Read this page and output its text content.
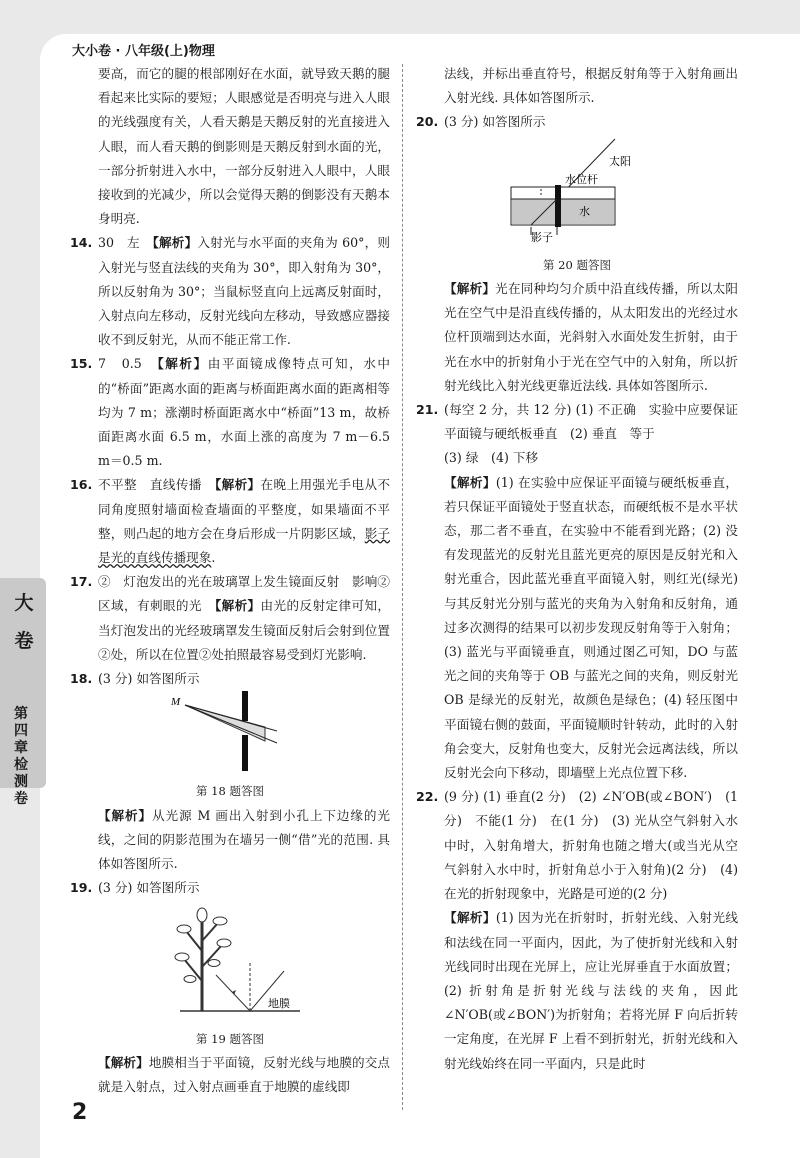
大小卷 · 八年级(上)物理
大
卷
第
四
章
检
测
卷

要高，而它的腿的根部刚好在水面，就导致天鹅的腿看起来比实际的要短；人眼感觉是否明亮与进入人眼的光线强度有关，人看天鹅是天鹅反射的光直接进入人眼，而人看天鹅的倒影则是天鹅反射到水面的光，一部分折射进入水中，一部分反射进入人眼中，人眼接收到的光减少，所以会觉得天鹅的倒影没有天鹅本身明亮.

14. 30　左　【解析】入射光与水平面的夹角为 60°，则入射光与竖直法线的夹角为 30°，即入射角为 30°，所以反射角为 30°；当鼠标竖直向上远离反射面时，入射点向左移动，反射光线向左移动，导致感应器接收不到反射光，从而不能正常工作.
15. 7　0.5　【解析】由平面镜成像特点可知，水中的“桥面”距离水面的距离与桥面距离水面的距离相等均为 7 m；涨潮时桥面距离水中“桥面”13 m，故桥面距离水面 6.5 m，水面上涨的高度为 7 m－6.5 m＝0.5 m.
16. 不平整　直线传播　【解析】在晚上用强光手电从不同角度照射墙面检查墙面的平整度，如果墙面不平整，则凸起的地方会在身后形成一片阴影区域，影子是光的直线传播现象.
17. ②　灯泡发出的光在玻璃罩上发生镜面反射　影响②区域，有刺眼的光　【解析】由光的反射定律可知，当灯泡发出的光经玻璃罩发生镜面反射后会射到位置②处，所以在位置②处拍照最容易受到灯光影响.
18. (3 分) 如答图所示
M
第 18 题答图

【解析】从光源 M 画出入射到小孔上下边缘的光线，之间的阴影范围为在墙另一侧“借”光的范围. 具体如答图所示.

19. (3 分) 如答图所示
地膜
第 19 题答图

【解析】地膜相当于平面镜，反射光线与地膜的交点就是入射点，过入射点画垂直于地膜的虚线即

法线，并标出垂直符号，根据反射角等于入射角画出入射光线. 具体如答图所示.

20. (3 分) 如答图所示
太阳
水位杆
水
影子
第 20 题答图

【解析】光在同种均匀介质中沿直线传播，所以太阳光在空气中是沿直线传播的，从太阳发出的光经过水位杆顶端到达水面，光斜射入水面处发生折射，由于光在水中的折射角小于光在空气中的入射角，所以折射光线比入射光线更靠近法线. 具体如答图所示.

21. (每空 2 分，共 12 分) (1) 不正确　实验中应要保证平面镜与硬纸板垂直　(2) 垂直　等于

(3) 绿　(4) 下移

【解析】(1) 在实验中应保证平面镜与硬纸板垂直，若只保证平面镜处于竖直状态，而硬纸板不是水平状态，那二者不垂直，在实验中不能看到光路；(2) 没有发现蓝光的反射光且蓝光更亮的原因是反射光和入射光重合，因此蓝光垂直平面镜入射，则红光(绿光)与其反射光分别与蓝光的夹角为入射角和反射角，通过多次测得的结果可以初步发现反射角等于入射角；(3) 蓝光与平面镜垂直，则通过图乙可知，DO 与蓝光之间的夹角等于 OB 与蓝光之间的夹角，则反射光 OB 是绿光的反射光，故颜色是绿色；(4) 轻压图中平面镜右侧的鼓面，平面镜顺时针转动，此时的入射角会变大，反射角也变大，反射光会远离法线，所以反射光会向下移动，即墙壁上光点位置下移.

22. (9 分) (1) 垂直(2 分)　(2) ∠N′OB(或∠BON′)　(1 分)　不能(1 分)　在(1 分)　(3) 光从空气斜射入水中时，入射角增大，折射角也随之增大(或当光从空气斜射入水中时，折射角总小于入射角)(2 分)　(4) 在光的折射现象中，光路是可逆的(2 分)

【解析】(1) 因为光在折射时，折射光线、入射光线和法线在同一平面内，因此，为了使折射光线和入射光线同时出现在光屏上，应让光屏垂直于水面放置；(2) 折射角是折射光线与法线的夹角，因此∠N′OB(或∠BON′)为折射角；若将光屏 F 向后折转一定角度，在光屏 F 上看不到折射光，折射光线和入射光线始终在同一平面内，只是此时

2
